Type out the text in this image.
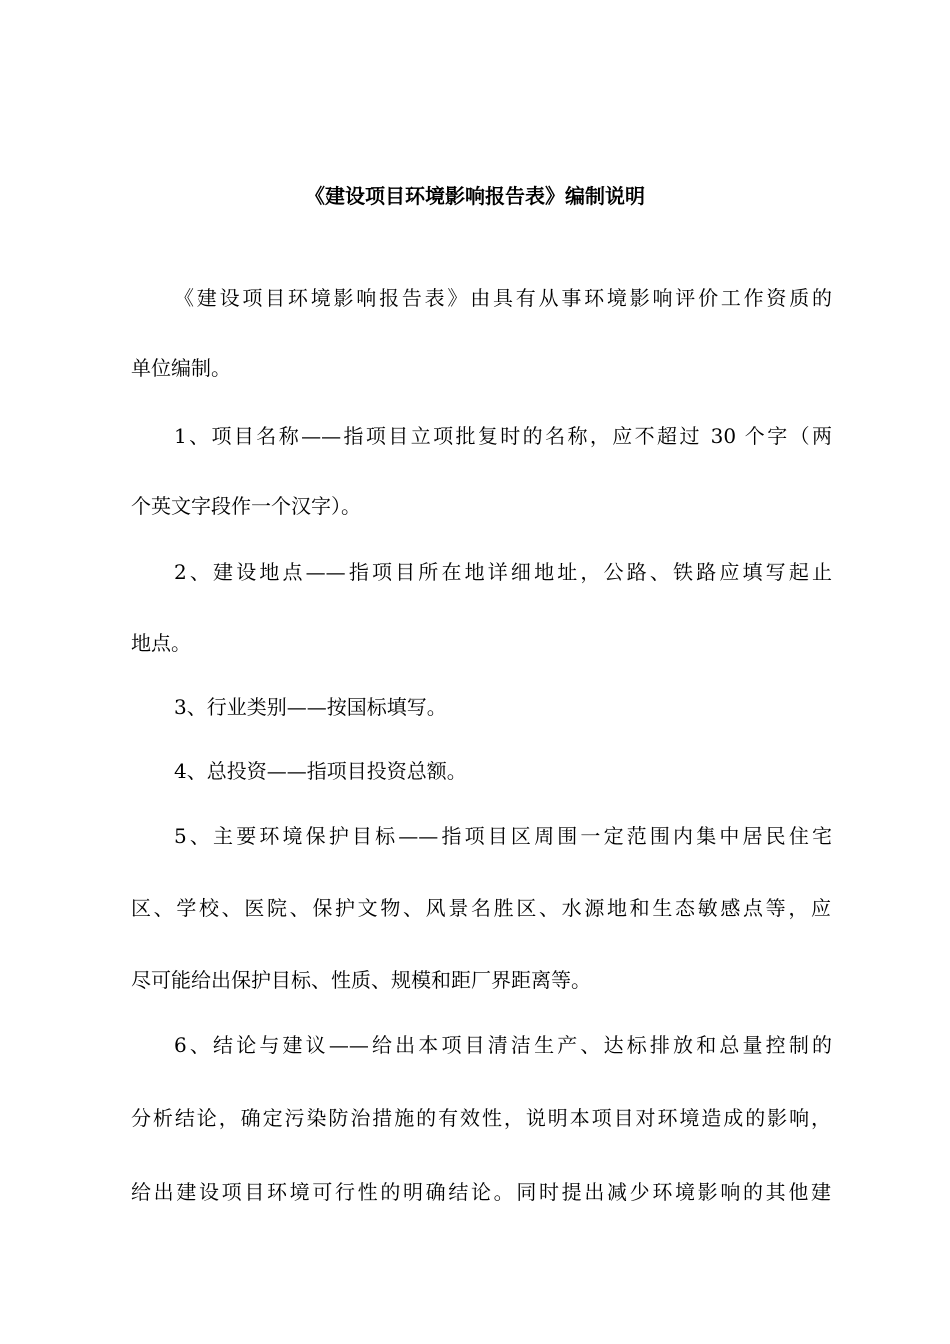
《建设项目环境影响报告表》编制说明
《建设项目环境影响报告表》由具有从事环境影响评价工作资质的
单位编制。
1、项目名称——指项目立项批复时的名称，应不超过 30 个字（两
个英文字段作一个汉字）。
2、建设地点——指项目所在地详细地址，公路、铁路应填写起止
地点。
3、行业类别——按国标填写。
4、总投资——指项目投资总额。
5、主要环境保护目标——指项目区周围一定范围内集中居民住宅
区、学校、医院、保护文物、风景名胜区、水源地和生态敏感点等，应
尽可能给出保护目标、性质、规模和距厂界距离等。
6、结论与建议——给出本项目清洁生产、达标排放和总量控制的
分析结论，确定污染防治措施的有效性，说明本项目对环境造成的影响，
给出建设项目环境可行性的明确结论。同时提出减少环境影响的其他建
